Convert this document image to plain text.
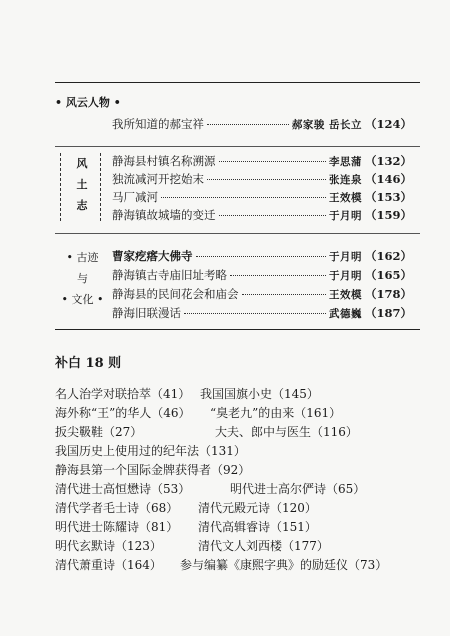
• 风云人物 •
我所知道的郝宝祥	郝家骏 岳长立 （124）
风
土
志
静海县村镇名称溯源	李思蒲 （132）
独流减河开挖始末	张连泉 （146）
马厂减河	王效模 （153）
静海镇故城墙的变迁	于月明 （159）
• 古迹
与
• 文化 •
曹家疙瘩大佛寺	于月明 （162）
静海镇古寺庙旧址考略	于月明 （165）
静海县的民间花会和庙会	王效模 （178）
静海旧联漫话	武德巍 （187）
补白 18 则
名人治学对联拾萃（41） 我国国旗小史（145）
海外称“王”的华人（46） “臭老九”的由来（161）
扳尖靸鞋（27）	大夫、郎中与医生（116）
我国历史上使用过的纪年法（131）
静海县第一个国际金牌获得者（92）
清代进士高恒懋诗（53）	明代进士高尔俨诗（65）
清代学者毛士诗（68） 清代元殿元诗（120）
明代进士陈耀诗（81） 清代高辑睿诗（151）
明代玄默诗（123）	清代文人刘西楼（177）
清代萧重诗（164） 参与编纂《康熙字典》的励廷仪（73）
